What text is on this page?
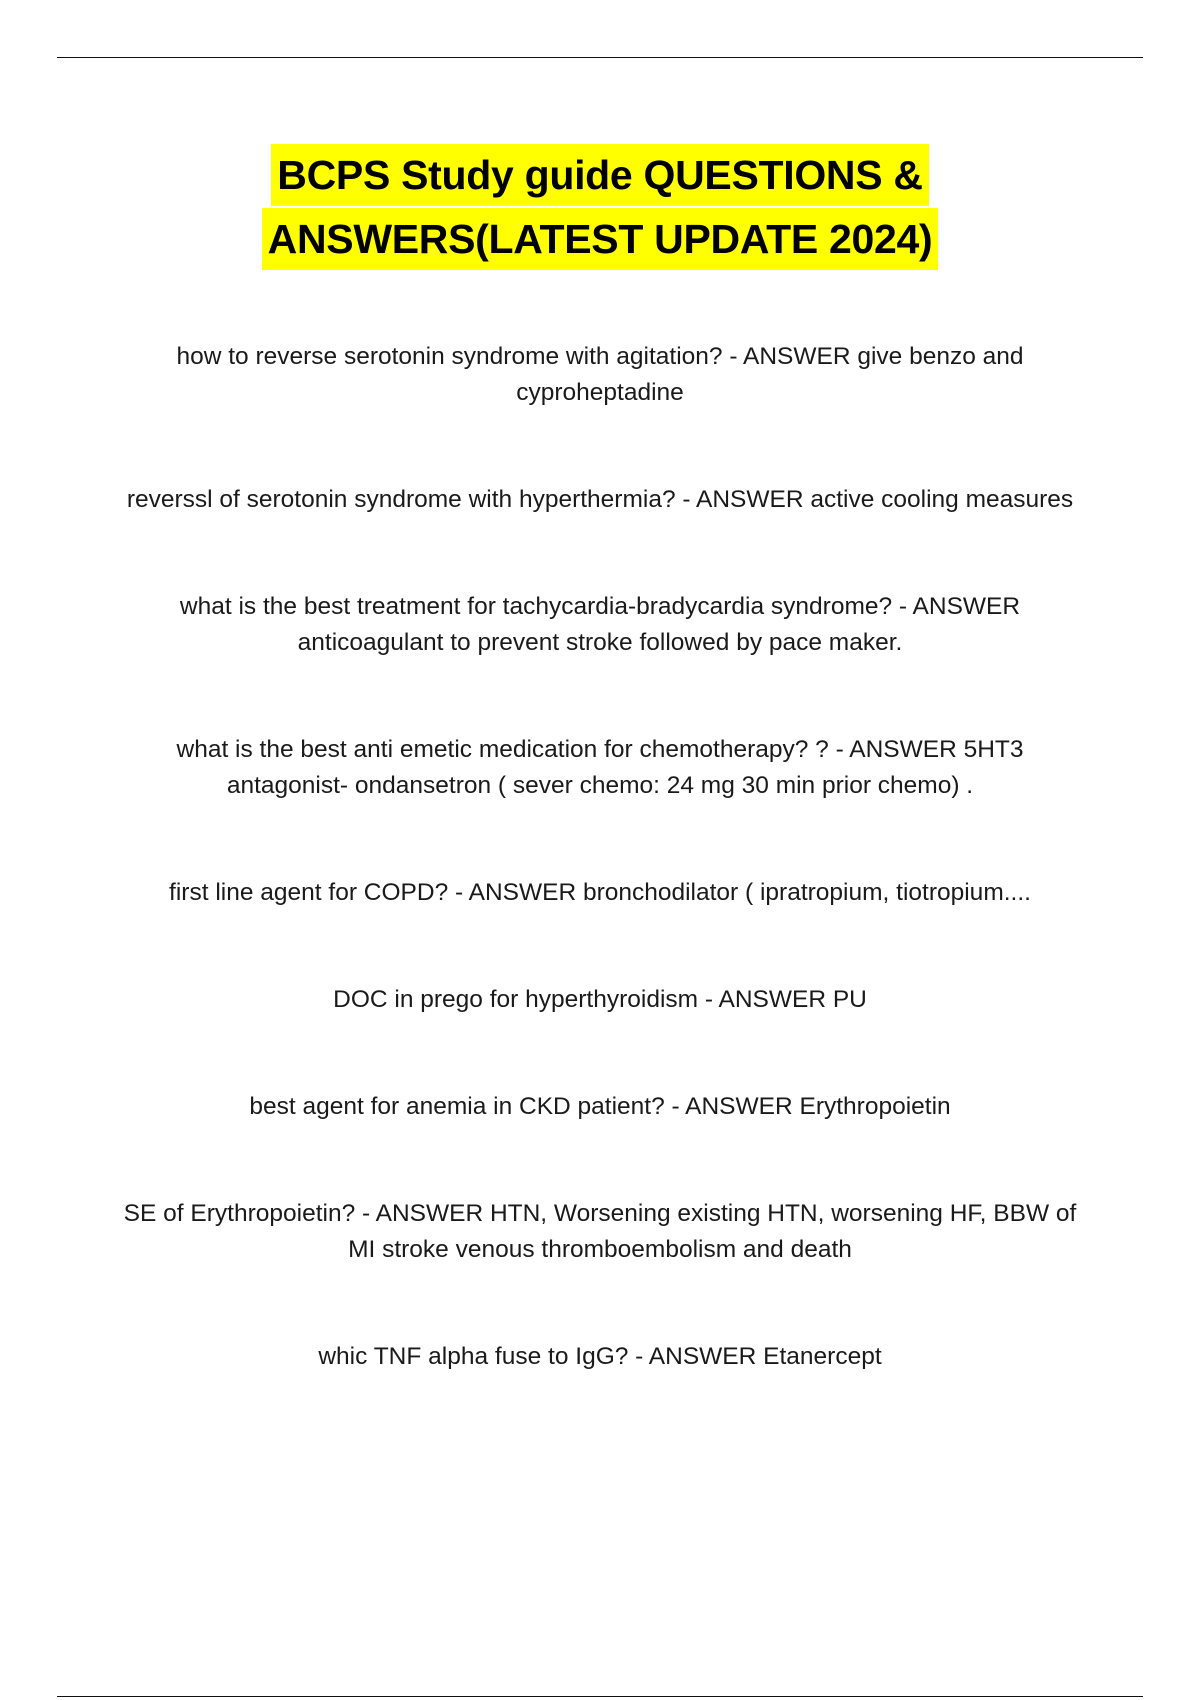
BCPS Study guide QUESTIONS &
ANSWERS(LATEST UPDATE 2024)
how to reverse serotonin syndrome with agitation? - ANSWER give benzo and cyproheptadine
reverssl of serotonin syndrome with hyperthermia? - ANSWER active cooling measures
what is the best treatment for tachycardia-bradycardia syndrome? - ANSWER anticoagulant to prevent stroke followed by pace maker.
what is the best anti emetic medication for chemotherapy? ? - ANSWER 5HT3 antagonist- ondansetron ( sever chemo: 24 mg 30 min prior chemo) .
first line agent for COPD? - ANSWER bronchodilator ( ipratropium, tiotropium....
DOC in prego for hyperthyroidism - ANSWER PU
best agent for anemia in CKD patient? - ANSWER Erythropoietin
SE of Erythropoietin? - ANSWER HTN, Worsening existing HTN, worsening HF, BBW of MI stroke venous thromboembolism and death
whic TNF alpha fuse to IgG? - ANSWER Etanercept
